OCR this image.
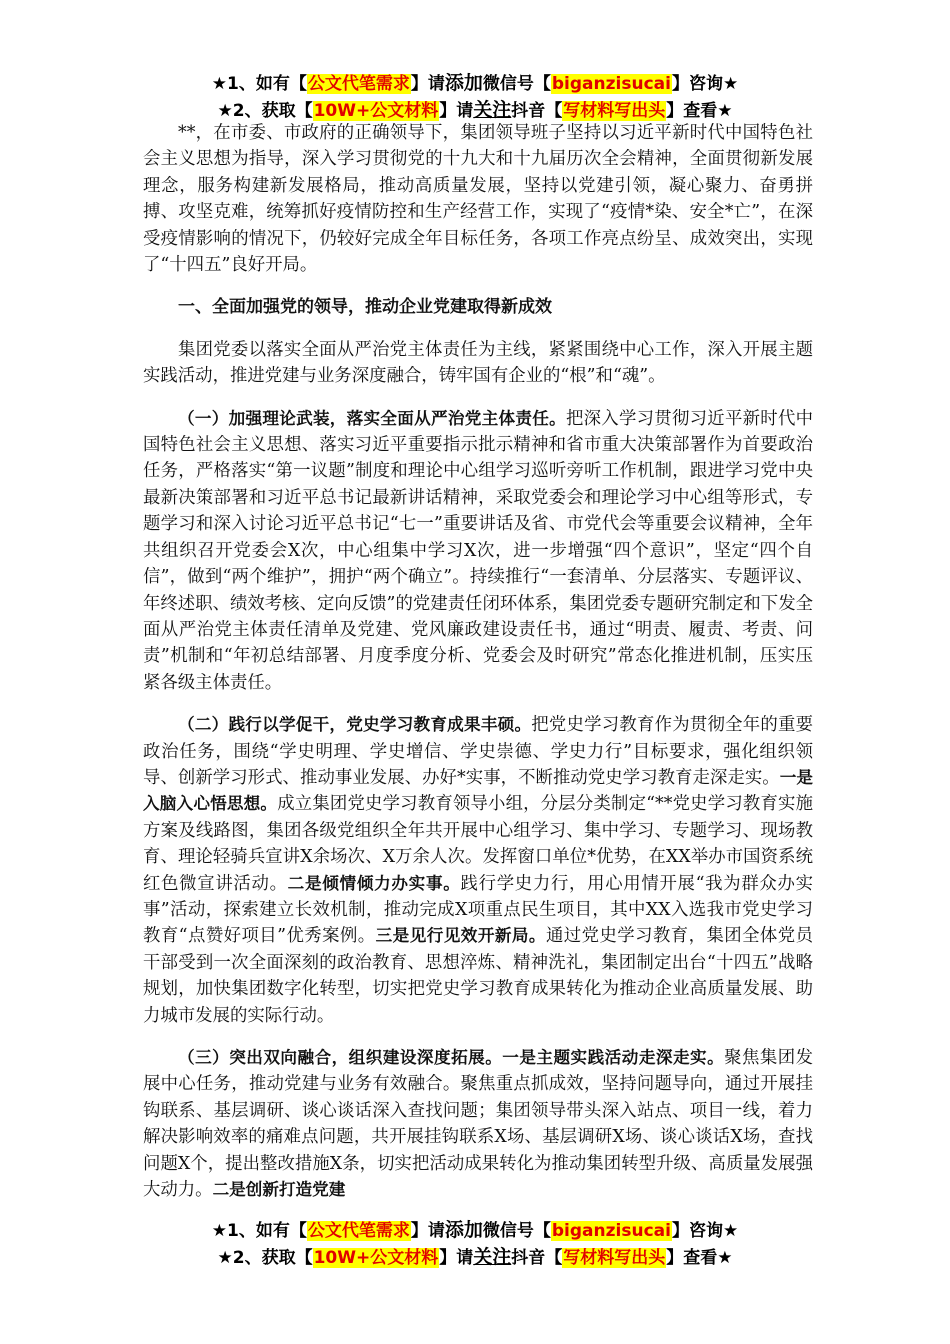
★1、如有【公文代笔需求】请添加微信号【biganzisucai】咨询★
★2、获取【10W+公文材料】请关注抖音【写材料写出头】查看★

**，在市委、市政府的正确领导下，集团领导班子坚持以习近平新时代中国特色社会主义思想为指导，深入学习贯彻党的十九大和十九届历次全会精神，全面贯彻新发展理念，服务构建新发展格局，推动高质量发展，坚持以党建引领，凝心聚力、奋勇拼搏、攻坚克难，统筹抓好疫情防控和生产经营工作，实现了“疫情*染、安全*亡”，在深受疫情影响的情况下，仍较好完成全年目标任务，各项工作亮点纷呈、成效突出，实现了“十四五”良好开局。

一、全面加强党的领导，推动企业党建取得新成效

集团党委以落实全面从严治党主体责任为主线，紧紧围绕中心工作，深入开展主题实践活动，推进党建与业务深度融合，铸牢国有企业的“根”和“魂”。

（一）加强理论武装，落实全面从严治党主体责任。把深入学习贯彻习近平新时代中国特色社会主义思想、落实习近平重要指示批示精神和省市重大决策部署作为首要政治任务，严格落实“第一议题”制度和理论中心组学习巡听旁听工作机制，跟进学习党中央最新决策部署和习近平总书记最新讲话精神，采取党委会和理论学习中心组等形式，专题学习和深入讨论习近平总书记“七一”重要讲话及省、市党代会等重要会议精神，全年共组织召开党委会X次，中心组集中学习X次，进一步增强“四个意识”，坚定“四个自信”，做到“两个维护”，拥护“两个确立”。持续推行“一套清单、分层落实、专题评议、年终述职、绩效考核、定向反馈”的党建责任闭环体系，集团党委专题研究制定和下发全面从严治党主体责任清单及党建、党风廉政建设责任书，通过“明责、履责、考责、问责”机制和“年初总结部署、月度季度分析、党委会及时研究”常态化推进机制，压实压紧各级主体责任。

（二）践行以学促干，党史学习教育成果丰硕。把党史学习教育作为贯彻全年的重要政治任务，围绕“学史明理、学史增信、学史崇德、学史力行”目标要求，强化组织领导、创新学习形式、推动事业发展、办好*实事，不断推动党史学习教育走深走实。一是入脑入心悟思想。成立集团党史学习教育领导小组，分层分类制定“**党史学习教育实施方案及线路图，集团各级党组织全年共开展中心组学习、集中学习、专题学习、现场教育、理论轻骑兵宣讲X余场次、X万余人次。发挥窗口单位*优势，在XX举办市国资系统红色微宣讲活动。二是倾情倾力办实事。践行学史力行，用心用情开展“我为群众办实事”活动，探索建立长效机制，推动完成X项重点民生项目，其中XX入选我市党史学习教育“点赞好项目”优秀案例。三是见行见效开新局。通过党史学习教育，集团全体党员干部受到一次全面深刻的政治教育、思想淬炼、精神洗礼，集团制定出台“十四五”战略规划，加快集团数字化转型，切实把党史学习教育成果转化为推动企业高质量发展、助力城市发展的实际行动。

（三）突出双向融合，组织建设深度拓展。一是主题实践活动走深走实。聚焦集团发展中心任务，推动党建与业务有效融合。聚焦重点抓成效，坚持问题导向，通过开展挂钩联系、基层调研、谈心谈话深入查找问题；集团领导带头深入站点、项目一线，着力解决影响效率的痛难点问题，共开展挂钩联系X场、基层调研X场、谈心谈话X场，查找问题X个，提出整改措施X条，切实把活动成果转化为推动集团转型升级、高质量发展强大动力。二是创新打造党建

★1、如有【公文代笔需求】请添加微信号【biganzisucai】咨询★
★2、获取【10W+公文材料】请关注抖音【写材料写出头】查看★
